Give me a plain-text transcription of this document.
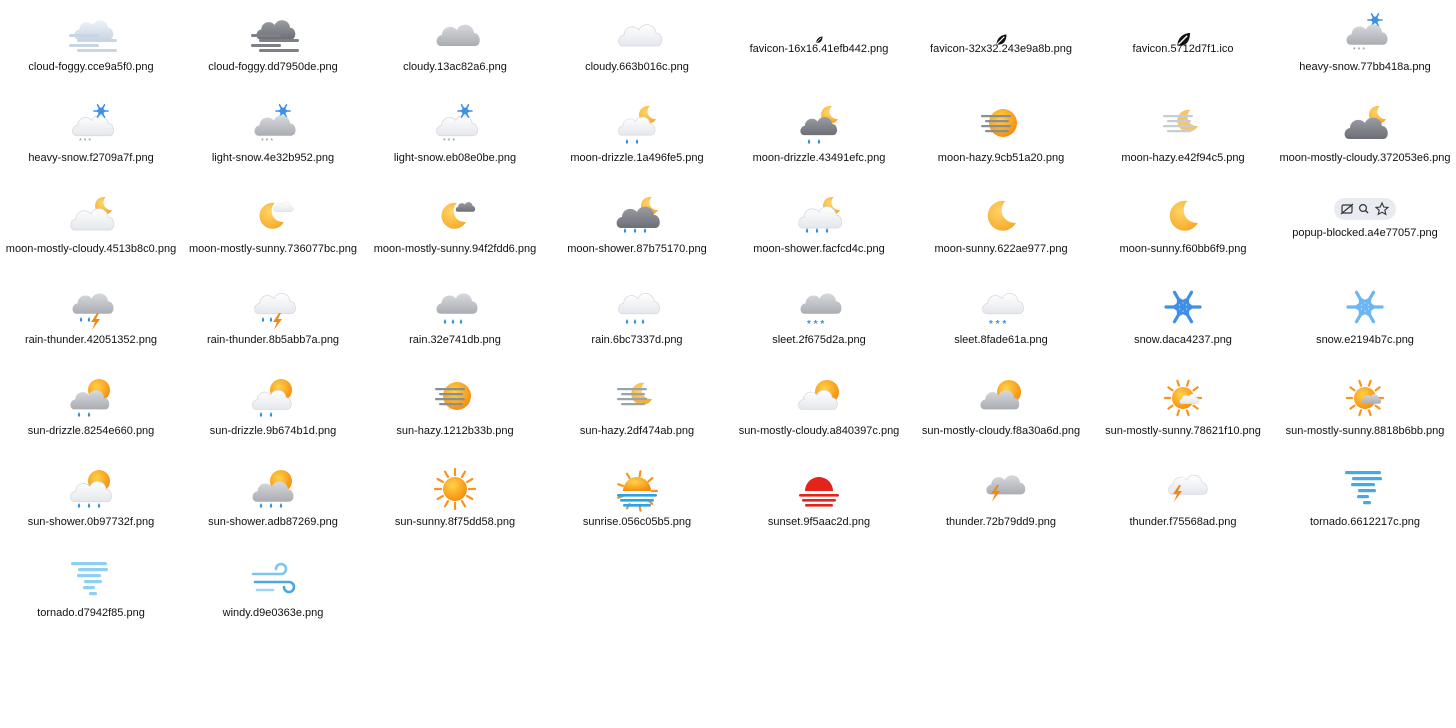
cloud-foggy.cce9a5f0.png	cloud-foggy.dd7950de.png	cloudy.13ac82a6.png	cloudy.663b016c.png
favicon-16x16.41efb442.png	favicon-32x32.243e9a8b.png	favicon.5712d7f1.ico	* * *
heavy-snow.77bb418a.png
* * *
heavy-snow.f2709a7f.png
* * *
light-snow.4e32b952.png
* * *
light-snow.eb08e0be.png	moon-drizzle.1a496fe5.png	moon-drizzle.43491efc.png	moon-hazy.9cb51a20.png	moon-hazy.e42f94c5.png	moon-mostly-cloudy.372053e6.png
moon-mostly-cloudy.4513b8c0.png	moon-mostly-sunny.736077bc.png	moon-mostly-sunny.94f2fdd6.png	moon-shower.87b75170.png	moon-shower.facfcd4c.png	moon-sunny.622ae977.png	moon-sunny.f60bb6f9.png
popup-blocked.a4e77057.png
rain-thunder.42051352.png	rain-thunder.8b5abb7a.png	rain.32e741db.png	rain.6bc7337d.png
* * *
sleet.2f675d2a.png
* * *
sleet.8fade61a.png	snow.daca4237.png	snow.e2194b7c.png
sun-drizzle.8254e660.png	sun-drizzle.9b674b1d.png	sun-hazy.1212b33b.png	sun-hazy.2df474ab.png	sun-mostly-cloudy.a840397c.png	sun-mostly-cloudy.f8a30a6d.png	sun-mostly-sunny.78621f10.png	sun-mostly-sunny.8818b6bb.png
sun-shower.0b97732f.png	sun-shower.adb87269.png	sun-sunny.8f75dd58.png	sunrise.056c05b5.png	sunset.9f5aac2d.png	thunder.72b79dd9.png	thunder.f75568ad.png	tornado.6612217c.png
tornado.d7942f85.png	windy.d9e0363e.png
